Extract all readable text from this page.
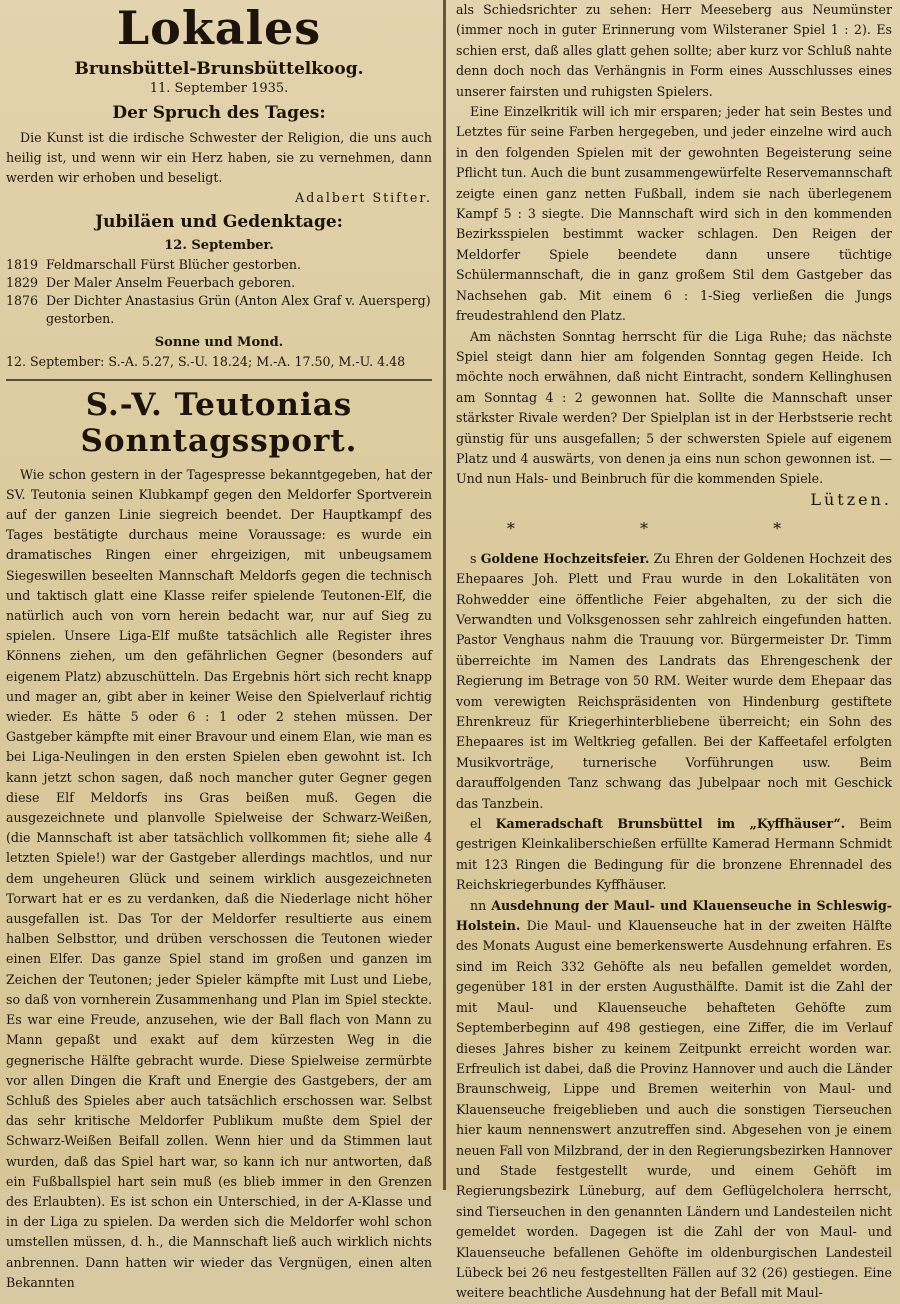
Lokales
Brunsbüttel-Brunsbüttelkoog.
11. September 1935.
Der Spruch des Tages:

Die Kunst ist die irdische Schwester der Religion, die uns auch heilig ist, und wenn wir ein Herz haben, sie zu vernehmen, dann werden wir erhoben und beseligt.

Adalbert Stifter.
Jubiläen und Gedenktage:
12. September.
1819 Feldmarschall Fürst Blücher gestorben.
1829 Der Maler Anselm Feuerbach geboren.
1876 Der Dichter Anastasius Grün (Anton Alex Graf v. Auersperg) gestorben.
Sonne und Mond.
12. September: S.-A. 5.27, S.-U. 18.24; M.-A. 17.50, M.-U. 4.48
S.-V. Teutonias Sonntagssport.

Wie schon gestern in der Tagespresse bekanntgegeben, hat der SV. Teutonia seinen Klubkampf gegen den Meldorfer Sportverein auf der ganzen Linie siegreich beendet. Der Hauptkampf des Tages bestätigte durchaus meine Voraussage: es wurde ein dramatisches Ringen einer ehrgeizigen, mit unbeugsamem Siegeswillen beseelten Mannschaft Meldorfs gegen die technisch und taktisch glatt eine Klasse reifer spielende Teutonen-Elf, die natürlich auch von vorn herein bedacht war, nur auf Sieg zu spielen. Unsere Liga-Elf mußte tatsächlich alle Register ihres Könnens ziehen, um den gefährlichen Gegner (besonders auf eigenem Platz) abzuschütteln. Das Ergebnis hört sich recht knapp und mager an, gibt aber in keiner Weise den Spielverlauf richtig wieder. Es hätte 5 oder 6 : 1 oder 2 stehen müssen. Der Gastgeber kämpfte mit einer Bravour und einem Elan, wie man es bei Liga-Neulingen in den ersten Spielen eben gewohnt ist. Ich kann jetzt schon sagen, daß noch mancher guter Gegner gegen diese Elf Meldorfs ins Gras beißen muß. Gegen die ausgezeichnete und planvolle Spielweise der Schwarz-Weißen, (die Mannschaft ist aber tatsächlich vollkommen fit; siehe alle 4 letzten Spiele!) war der Gastgeber allerdings machtlos, und nur dem ungeheuren Glück und seinem wirklich ausgezeichneten Torwart hat er es zu verdanken, daß die Niederlage nicht höher ausgefallen ist. Das Tor der Meldorfer resultierte aus einem halben Selbsttor, und drüben verschossen die Teutonen wieder einen Elfer. Das ganze Spiel stand im großen und ganzen im Zeichen der Teutonen; jeder Spieler kämpfte mit Lust und Liebe, so daß von vornherein Zusammenhang und Plan im Spiel steckte. Es war eine Freude, anzusehen, wie der Ball flach von Mann zu Mann gepaßt und exakt auf dem kürzesten Weg in die gegnerische Hälfte gebracht wurde. Diese Spielweise zermürbte vor allen Dingen die Kraft und Energie des Gastgebers, der am Schluß des Spieles aber auch tatsächlich erschossen war. Selbst das sehr kritische Meldorfer Publikum mußte dem Spiel der Schwarz-Weißen Beifall zollen. Wenn hier und da Stimmen laut wurden, daß das Spiel hart war, so kann ich nur antworten, daß ein Fußballspiel hart sein muß (es blieb immer in den Grenzen des Erlaubten). Es ist schon ein Unterschied, in der A-Klasse und in der Liga zu spielen. Da werden sich die Meldorfer wohl schon umstellen müssen, d. h., die Mannschaft ließ auch wirklich nichts anbrennen. Dann hatten wir wieder das Vergnügen, einen alten Bekannten

als Schiedsrichter zu sehen: Herr Meeseberg aus Neumünster (immer noch in guter Erinnerung vom Wilsteraner Spiel 1 : 2). Es schien erst, daß alles glatt gehen sollte; aber kurz vor Schluß nahte denn doch noch das Verhängnis in Form eines Ausschlusses eines unserer fairsten und ruhigsten Spielers.

Eine Einzelkritik will ich mir ersparen; jeder hat sein Bestes und Letztes für seine Farben hergegeben, und jeder einzelne wird auch in den folgenden Spielen mit der gewohnten Begeisterung seine Pflicht tun. Auch die bunt zusammengewürfelte Reservemannschaft zeigte einen ganz netten Fußball, indem sie nach überlegenem Kampf 5 : 3 siegte. Die Mannschaft wird sich in den kommenden Bezirksspielen bestimmt wacker schlagen. Den Reigen der Meldorfer Spiele beendete dann unsere tüchtige Schülermannschaft, die in ganz großem Stil dem Gastgeber das Nachsehen gab. Mit einem 6 : 1-Sieg verließen die Jungs freudestrahlend den Platz.

Am nächsten Sonntag herrscht für die Liga Ruhe; das nächste Spiel steigt dann hier am folgenden Sonntag gegen Heide. Ich möchte noch erwähnen, daß nicht Eintracht, sondern Kellinghusen am Sonntag 4 : 2 gewonnen hat. Sollte die Mannschaft unser stärkster Rivale werden? Der Spielplan ist in der Herbstserie recht günstig für uns ausgefallen; 5 der schwersten Spiele auf eigenem Platz und 4 auswärts, von denen ja eins nun schon gewonnen ist. — Und nun Hals- und Beinbruch für die kommenden Spiele.

Lützen.
* * *

s Goldene Hochzeitsfeier. Zu Ehren der Goldenen Hochzeit des Ehepaares Joh. Plett und Frau wurde in den Lokalitäten von Rohwedder eine öffentliche Feier abgehalten, zu der sich die Verwandten und Volksgenossen sehr zahlreich eingefunden hatten. Pastor Venghaus nahm die Trauung vor. Bürgermeister Dr. Timm überreichte im Namen des Landrats das Ehrengeschenk der Regierung im Betrage von 50 RM. Weiter wurde dem Ehepaar das vom verewigten Reichspräsidenten von Hindenburg gestiftete Ehrenkreuz für Kriegerhinterbliebene überreicht; ein Sohn des Ehepaares ist im Weltkrieg gefallen. Bei der Kaffeetafel erfolgten Musikvorträge, turnerische Vorführungen usw. Beim darauffolgenden Tanz schwang das Jubelpaar noch mit Geschick das Tanzbein.

el Kameradschaft Brunsbüttel im „Kyffhäuser“. Beim gestrigen Kleinkaliberschießen erfüllte Kamerad Hermann Schmidt mit 123 Ringen die Bedingung für die bronzene Ehrennadel des Reichskriegerbundes Kyffhäuser.

nn Ausdehnung der Maul- und Klauenseuche in Schleswig-Holstein. Die Maul- und Klauenseuche hat in der zweiten Hälfte des Monats August eine bemerkenswerte Ausdehnung erfahren. Es sind im Reich 332 Gehöfte als neu befallen gemeldet worden, gegenüber 181 in der ersten Augusthälfte. Damit ist die Zahl der mit Maul- und Klauenseuche behafteten Gehöfte zum Septemberbeginn auf 498 gestiegen, eine Ziffer, die im Verlauf dieses Jahres bisher zu keinem Zeitpunkt erreicht worden war. Erfreulich ist dabei, daß die Provinz Hannover und auch die Länder Braunschweig, Lippe und Bremen weiterhin von Maul- und Klauenseuche freigeblieben und auch die sonstigen Tierseuchen hier kaum nennenswert anzutreffen sind. Abgesehen von je einem neuen Fall von Milzbrand, der in den Regierungsbezirken Hannover und Stade festgestellt wurde, und einem Gehöft im Regierungsbezirk Lüneburg, auf dem Geflügelcholera herrscht, sind Tierseuchen in den genannten Ländern und Landesteilen nicht gemeldet worden. Dagegen ist die Zahl der von Maul- und Klauenseuche befallenen Gehöfte im oldenburgischen Landesteil Lübeck bei 26 neu festgestellten Fällen auf 32 (26) gestiegen. Eine weitere beachtliche Ausdehnung hat der Befall mit Maul-
